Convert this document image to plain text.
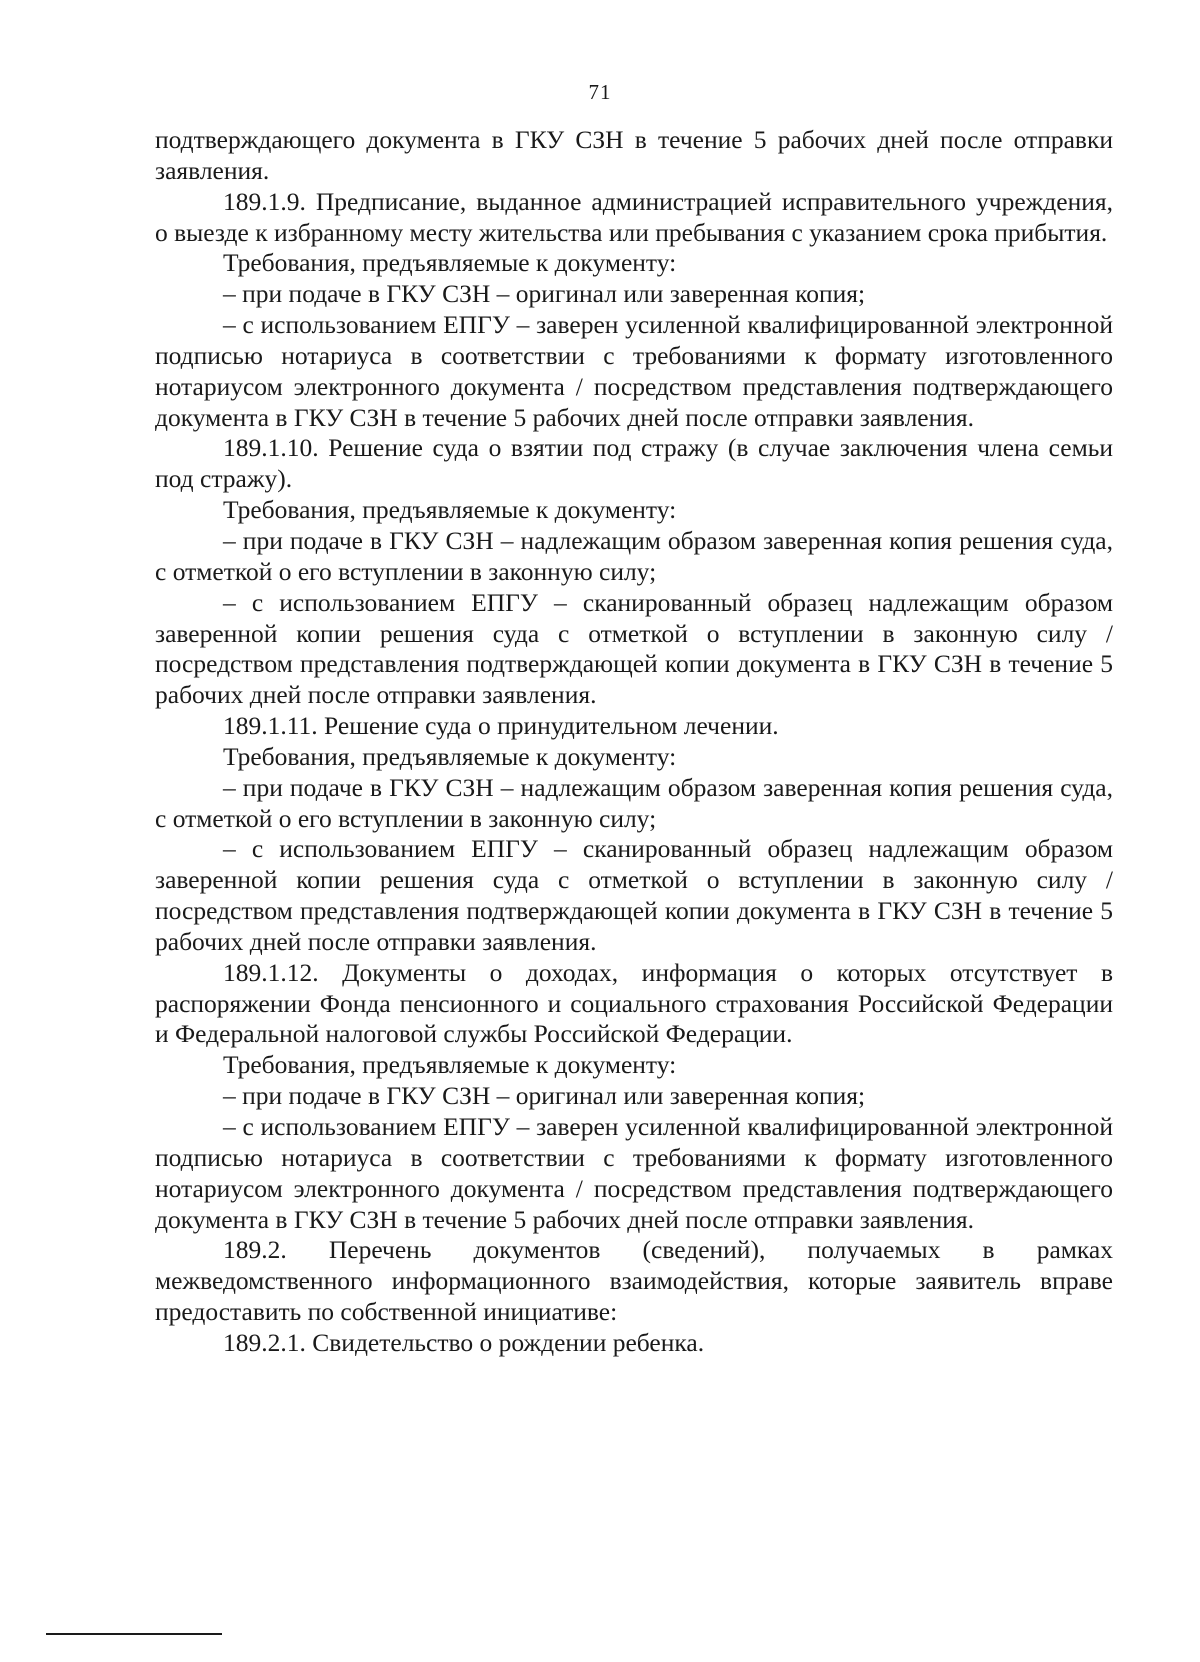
71

подтверждающего документа в ГКУ СЗН в течение 5 рабочих дней после отправки заявления.

189.1.9. Предписание, выданное администрацией исправительного учреждения, о выезде к избранному месту жительства или пребывания с указанием срока прибытия.

Требования, предъявляемые к документу:

– при подаче в ГКУ СЗН – оригинал или заверенная копия;

– с использованием ЕПГУ – заверен усиленной квалифицированной электронной подписью нотариуса в соответствии с требованиями к формату изготовленного нотариусом электронного документа / посредством представления подтверждающего документа в ГКУ СЗН в течение 5 рабочих дней после отправки заявления.

189.1.10. Решение суда о взятии под стражу (в случае заключения члена семьи под стражу).

Требования, предъявляемые к документу:

– при подаче в ГКУ СЗН – надлежащим образом заверенная копия решения суда, с отметкой о его вступлении в законную силу;

– с использованием ЕПГУ – сканированный образец надлежащим образом заверенной копии решения суда с отметкой о вступлении в законную силу / посредством представления подтверждающей копии документа в ГКУ СЗН в течение 5 рабочих дней после отправки заявления.

189.1.11. Решение суда о принудительном лечении.

Требования, предъявляемые к документу:

– при подаче в ГКУ СЗН – надлежащим образом заверенная копия решения суда, с отметкой о его вступлении в законную силу;

– с использованием ЕПГУ – сканированный образец надлежащим образом заверенной копии решения суда с отметкой о вступлении в законную силу / посредством представления подтверждающей копии документа в ГКУ СЗН в течение 5 рабочих дней после отправки заявления.

189.1.12. Документы о доходах, информация о которых отсутствует в распоряжении Фонда пенсионного и социального страхования Российской Федерации и Федеральной налоговой службы Российской Федерации.

Требования, предъявляемые к документу:

– при подаче в ГКУ СЗН – оригинал или заверенная копия;

– с использованием ЕПГУ – заверен усиленной квалифицированной электронной подписью нотариуса в соответствии с требованиями к формату изготовленного нотариусом электронного документа / посредством представления подтверждающего документа в ГКУ СЗН в течение 5 рабочих дней после отправки заявления.

189.2. Перечень документов (сведений), получаемых в рамках межведомственного информационного взаимодействия, которые заявитель вправе предоставить по собственной инициативе:

189.2.1. Свидетельство о рождении ребенка.
